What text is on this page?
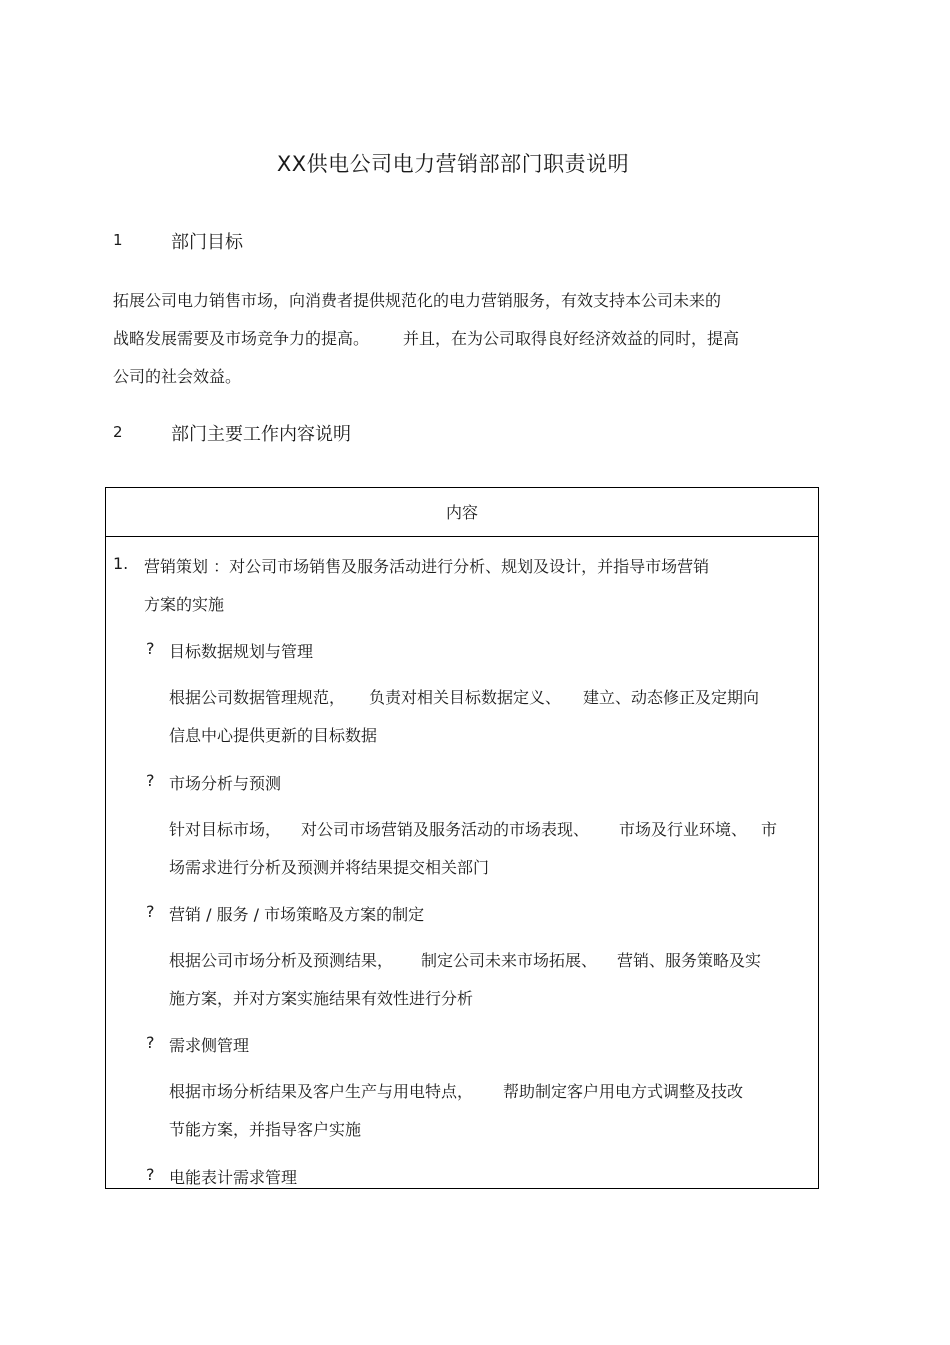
XX供电公司电力营销部部门职责说明
1	部门目标
拓展公司电力销售市场，向消费者提供规范化的电力营销服务，有效支持本公司未来的
战略发展需要及市场竞争力的提高。 并且，在为公司取得良好经济效益的同时，提高
公司的社会效益。
2	部门主要工作内容说明
内容
1. 营销策划 ：对公司市场销售及服务活动进行分析、规划及设计，并指导市场营销
方案的实施
? 目标数据规划与管理
根据公司数据管理规范， 负责对相关目标数据定义、 建立、动态修正及定期向
信息中心提供更新的目标数据
? 市场分析与预测
针对目标市场， 对公司市场营销及服务活动的市场表现、 市场及行业环境、 市
场需求进行分析及预测并将结果提交相关部门
? 营销 / 服务 / 市场策略及方案的制定
根据公司市场分析及预测结果， 制定公司未来市场拓展、 营销、服务策略及实
施方案，并对方案实施结果有效性进行分析
? 需求侧管理
根据市场分析结果及客户生产与用电特点， 帮助制定客户用电方式调整及技改
节能方案，并指导客户实施
? 电能表计需求管理
